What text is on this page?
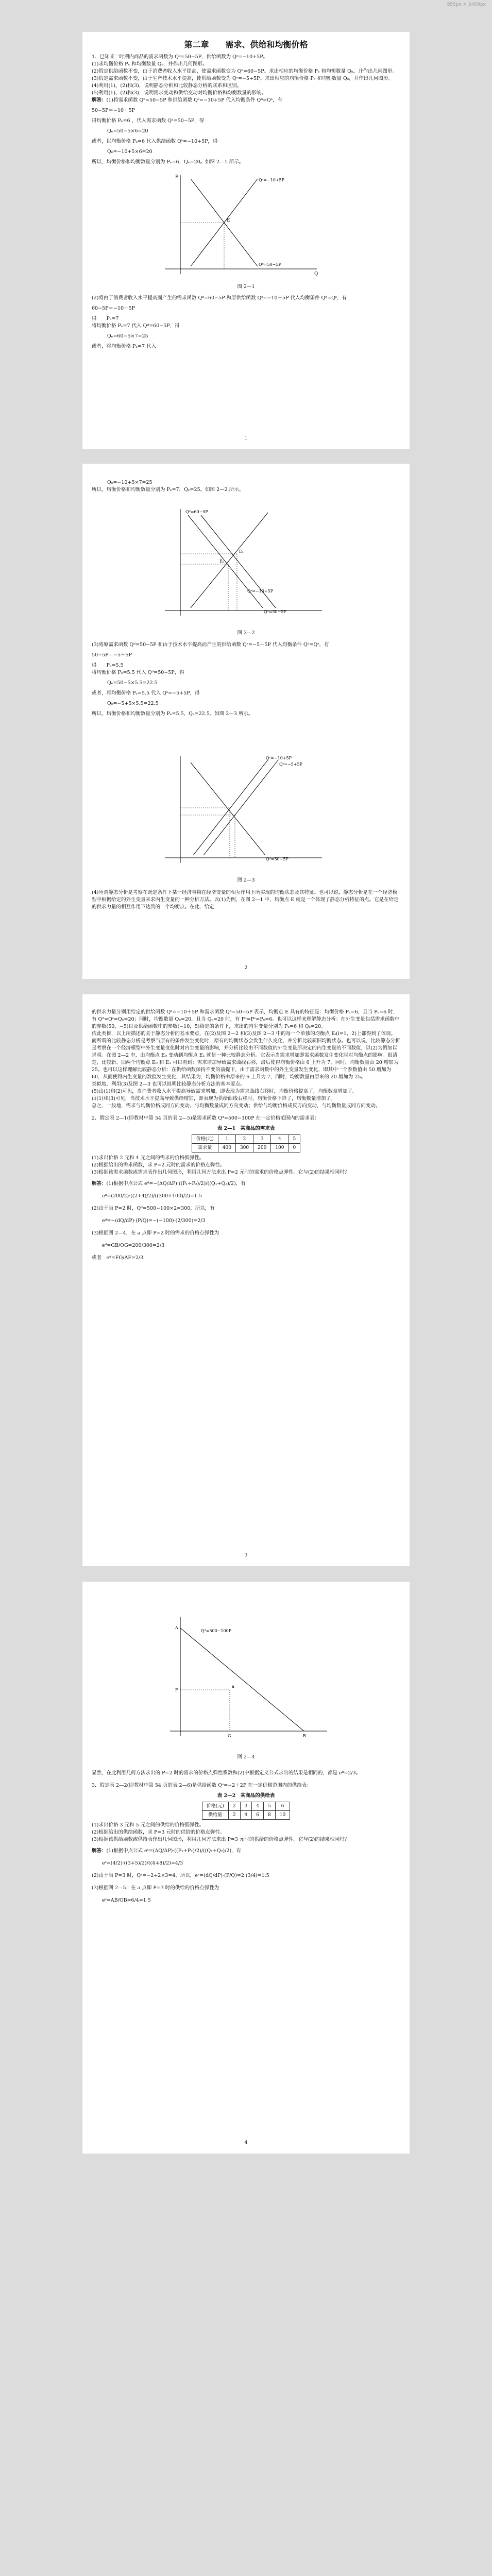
955px × 5409px
第二章　　需求、供给和均衡价格

1．已知某一时期内商品的需求函数为 Qᵈ=50−5P，供给函数为 Qˢ=−10+5P。

(1)求均衡价格 Pₑ 和均衡数量 Qₑ，并作出几何图形。

(2)假定供给函数不变，由于消费者收入水平提高，使需求函数变为 Qᵈ=60−5P。求出相应的均衡价格 Pₑ 和均衡数量 Qₑ，并作出几何图形。

(3)假定需求函数不变，由于生产技术水平提高，使供给函数变为 Qˢ=−5+5P。求出相应的均衡价格 Pₑ 和均衡数量 Qₑ，并作出几何图形。

(4)利用(1)、(2)和(3)，说明静态分析和比较静态分析的联系和区别。

(5)利用(1)、(2)和(3)，说明需求变动和供给变动对均衡价格和均衡数量的影响。

解答：(1)将需求函数 Qᵈ=50−5P 和供给函数 Qˢ=−10+5P 代入均衡条件 Qᵈ=Qˢ，有

50−5P＝−10＋5P

得均衡价格 Pₑ=6 ，代入需求函数 Qᵈ=50−5P，得

Qₑ=50−5×6=20

或者，以均衡价格 Pₑ=6 代入供给函数 Qˢ=−10+5P，得

Qₑ=−10+5×6=20

所以，均衡价格和均衡数量分别为 Pₑ=6，Qₑ=20。如图 2—1 所示。

Q
P
E
Qˢ=−10+5P
Qᵈ=50−5P
图 2—1

(2)将由于消费者收入水平提高而产生的需求函数 Qᵈ=60−5P 和原供给函数 Qˢ=−10＋5P 代入均衡条件 Qᵈ=Qˢ，有

60−5P＝−10＋5P

得　　Pₑ=7

将均衡价格 Pₑ=7 代入 Qᵈ=60−5P，得

Qₑ=60−5×7=25

或者，将均衡价格 Pₑ=7 代入

1

Qₑ=−10+5×7=25

所以，均衡价格和均衡数量分别为 Pₑ=7，Qₑ=25。如图 2—2 所示。

E₁
E₀
Qᵈ=60−5P
Qˢ=−10+5P
Qᵈ=50−5P
图 2—2

(3)将原需求函数 Qᵈ=50−5P 和由于技术水平提高而产生的供给函数 Qˢ=−5＋5P 代入均衡条件 Qᵈ=Qˢ，有

50−5P＝−5＋5P

得　　Pₑ=5.5

将均衡价格 Pₑ=5.5 代入 Qᵈ=50−5P，得

Qₑ=50−5×5.5=22.5

或者，将均衡价格 Pₑ=5.5 代入 Qˢ=−5+5P，得

Qₑ=−5+5×5.5=22.5

所以，均衡价格和均衡数量分别为 Pₑ=5.5，Qₑ=22.5。如图 2—3 所示。

Qˢ=−10+5P
Qˢ=−5+5P
Qᵈ=50−5P
图 2—3

(4)所谓静态分析是考察在既定条件下某一经济事物在经济变量的相互作用下所实现的均衡状态及其特征。也可以说，静态分析是在一个经济模型中根据给定的外生变量来求内生变量的一种分析方法。以(1)为例，在图 2—1 中，均衡点 E 就是一个体现了静态分析特征的点。它是在给定的供求力量的相互作用下达到的一个均衡点。在此，给定

2

的供求力量分别用给定的供给函数 Qˢ=−10＋5P 和需求函数 Qᵈ=50−5P 表示，均衡点 E 具有的特征是：均衡价格 Pₑ=6，且当 Pₑ=6 时，有 Qᵈ=Qˢ=Qₑ=20；同时，均衡数量 Qₑ=20，且当 Qₑ=20 时，有 Pᵈ=Pˢ=Pₑ=6。也可以这样来理解静态分析：在外生变量包括需求函数中的参数(50，−5)以及供给函数中的参数(−10，5)给定的条件下，求出的内生变量分别为 Pₑ=6 和 Qₑ=20。

依此类推，以上所描述的关于静态分析的基本要点，在(2)及图 2—2 和(3)及图 2—3 中的每一个单独的均衡点 Eᵢ(i=1，2)上都得到了体现。

而所谓的比较静态分析是考察当原有的条件发生变化时，原有的均衡状态会发生什么变化，并分析比较新旧均衡状态。也可以说，比较静态分析是考察在一个经济模型中外生变量变化时对内生变量的影响，并分析比较由不同数值的外生变量所决定的内生变量的不同数值，以(2)为例加以说明。在图 2—2 中，由均衡点 E₀ 变动到均衡点 E₁ 就是一种比较静态分析。它表示当需求增加即需求函数发生变化时对均衡点的影响。很清楚，比较新、旧两个均衡点 E₀ 和 E₁ 可以看到：需求增加导致需求曲线右移，最后使得均衡价格由 6 上升为 7，同时，均衡数量由 20 增加为 25。也可以这样理解比较静态分析：在供给函数保持不变的前提下，由于需求函数中的外生变量发生变化，即其中一个参数值由 50 增加为 60，从而使得内生变量的数值发生变化，其结果为，均衡价格由原来的 6 上升为 7，同时，均衡数量由原来的 20 增加为 25。

类似地，利用(3)及图 2—3 也可以说明比较静态分析方法的基本要点。

(5)由(1)和(2)可见，当消费者收入水平提高导致需求增加，即表现为需求曲线右移时，均衡价格提高了，均衡数量增加了。

由(1)和(3)可见，当技术水平提高导致供给增加，即表现为供给曲线右移时，均衡价格下降了，均衡数量增加了。

总之，一般地，需求与均衡价格成同方向变动，与均衡数量成同方向变动；供给与均衡价格成反方向变动，与均衡数量成同方向变动。

2．假定表 2—1(即教材中第 54 页的表 2—5)是需求函数 Qᵈ=500−100P 在一定价格范围内的需求表：

表 2—1　某商品的需求表

价格(元)	1	2	3	4	5
需求量	400	300	200	100	0

(1)求出价格 2 元和 4 元之间的需求的价格弧弹性。

(2)根据给出的需求函数，求 P=2 元时的需求的价格点弹性。

(3)根据该需求函数或需求表作出几何图形，利用几何方法求出 P=2 元时的需求的价格点弹性。它与(2)的结果相同吗？

解答：(1)根据中点公式 eᵈ=−(ΔQ/ΔP)·((P₁+P₂)/2)/((Q₁+Q₂)/2)，有

eᵈ=(200/2)·((2+4)/2)/((300+100)/2)=1.5

(2)由于当 P=2 时，Qᵈ=500−100×2=300，所以，有

eᵈ=−(dQ/dP)·(P/Q)=−(−100)·(2/300)=2/3

(3)根据图 2—4，在 a 点即 P=2 时的需求的价格点弹性为

eᵈ=GB/OG=200/300=2/3

或者　eᵈ=FO/AF=2/3

3
Qᵈ=500−100P
a
A
F
G	B
图 2—4

显然，在此利用几何方法求出的 P=2 时的需求的价格点弹性系数和(2)中根据定义公式求出的结果是相同的，都是 eᵈ=2/3。

3．假定表 2—2(即教材中第 54 页的表 2—6)是供给函数 Qˢ=−2＋2P 在一定价格范围内的供给表：

表 2—2　某商品的供给表

价格(元)	2	3	4	5	6
供给量	2	4	6	8	10

(1)求出价格 3 元和 5 元之间的供给的价格弧弹性。

(2)根据给出的供给函数，求 P=3 元时的供给的价格点弹性。

(3)根据该供给函数或供给表作出几何图形，利用几何方法求出 P=3 元时的供给的价格点弹性。它与(2)的结果相同吗？

解答：(1)根据中点公式 eˢ=(ΔQ/ΔP)·((P₁+P₂)/2)/((Q₁+Q₂)/2)，有

eˢ=(4/2)·((3+5)/2)/((4+8)/2)=4/3

(2)由于当 P=3 时，Qˢ=−2+2×3=4，所以，eˢ=(dQ/dP)·(P/Q)=2·(3/4)=1.5

(3)根据图 2—5，在 a 点即 P=3 时的供给的价格点弹性为

eˢ=AB/OB=6/4=1.5

4
